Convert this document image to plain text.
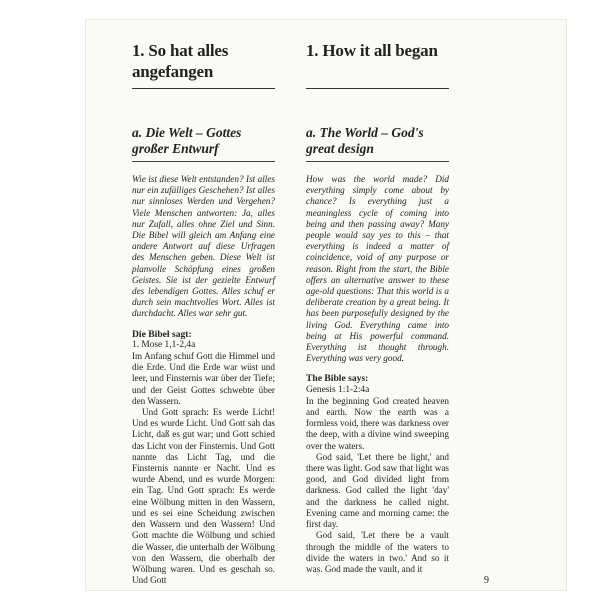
1. So hat alles angefangen
a. Die Welt – Gottes großer Entwurf

Wie ist diese Welt entstanden? Ist alles nur ein zufälliges Geschehen? Ist alles nur sinnloses Werden und Vergehen? Viele Menschen antworten: Ja, alles nur Zufall, alles ohne Ziel und Sinn. Die Bibel will gleich am Anfang eine andere Antwort auf diese Urfragen des Menschen geben. Diese Welt ist planvolle Schöpfung eines großen Geistes. Sie ist der gezielte Entwurf des lebendigen Gottes. Alles schuf er durch sein machtvolles Wort. Alles ist durchdacht. Alles war sehr gut.

Die Bibel sagt:
1. Mose 1,1-2,4a

Im Anfang schuf Gott die Himmel und die Erde. Und die Erde war wüst und leer, und Finsternis war über der Tiefe; und der Geist Gottes schwebte über den Wassern.

Und Gott sprach: Es werde Licht! Und es wurde Licht. Und Gott sah das Licht, daß es gut war; und Gott schied das Licht von der Finsternis. Und Gott nannte das Licht Tag, und die Finsternis nannte er Nacht. Und es wurde Abend, und es wurde Morgen: ein Tag. Und Gott sprach: Es werde eine Wölbung mitten in den Wassern, und es sei eine Scheidung zwischen den Wassern und den Wassern! Und Gott machte die Wölbung und schied die Wasser, die unterhalb der Wölbung von den Wassern, die oberhalb der Wölbung waren. Und es geschah so. Und Gott

1. How it all began
a. The World – God's great design

How was the world made? Did everything simply come about by chance? Is everything just a meaningless cycle of coming into being and then passing away? Many people would say yes to this – that everything is indeed a matter of coincidence, void of any purpose or reason. Right from the start, the Bible offers an alternative answer to these age-old questions: That this world is a deliberate creation by a great being. It has been purposefully designed by the living God. Everything came into being at His powerful command. Everything ist thought through. Everything was very good.

The Bible says:
Genesis 1:1-2:4a

In the beginning God created heaven and earth. Now the earth was a formless void, there was darkness over the deep, with a divine wind sweeping over the waters.

God said, 'Let there be light,' and there was light. God saw that light was good, and God divided light from darkness. God called the light 'day' and the darkness he called night. Evening came and morning came: the first day.

God said, 'Let there be a vault through the middle of the waters to divide the waters in two.' And so it was. God made the vault, and it

9
